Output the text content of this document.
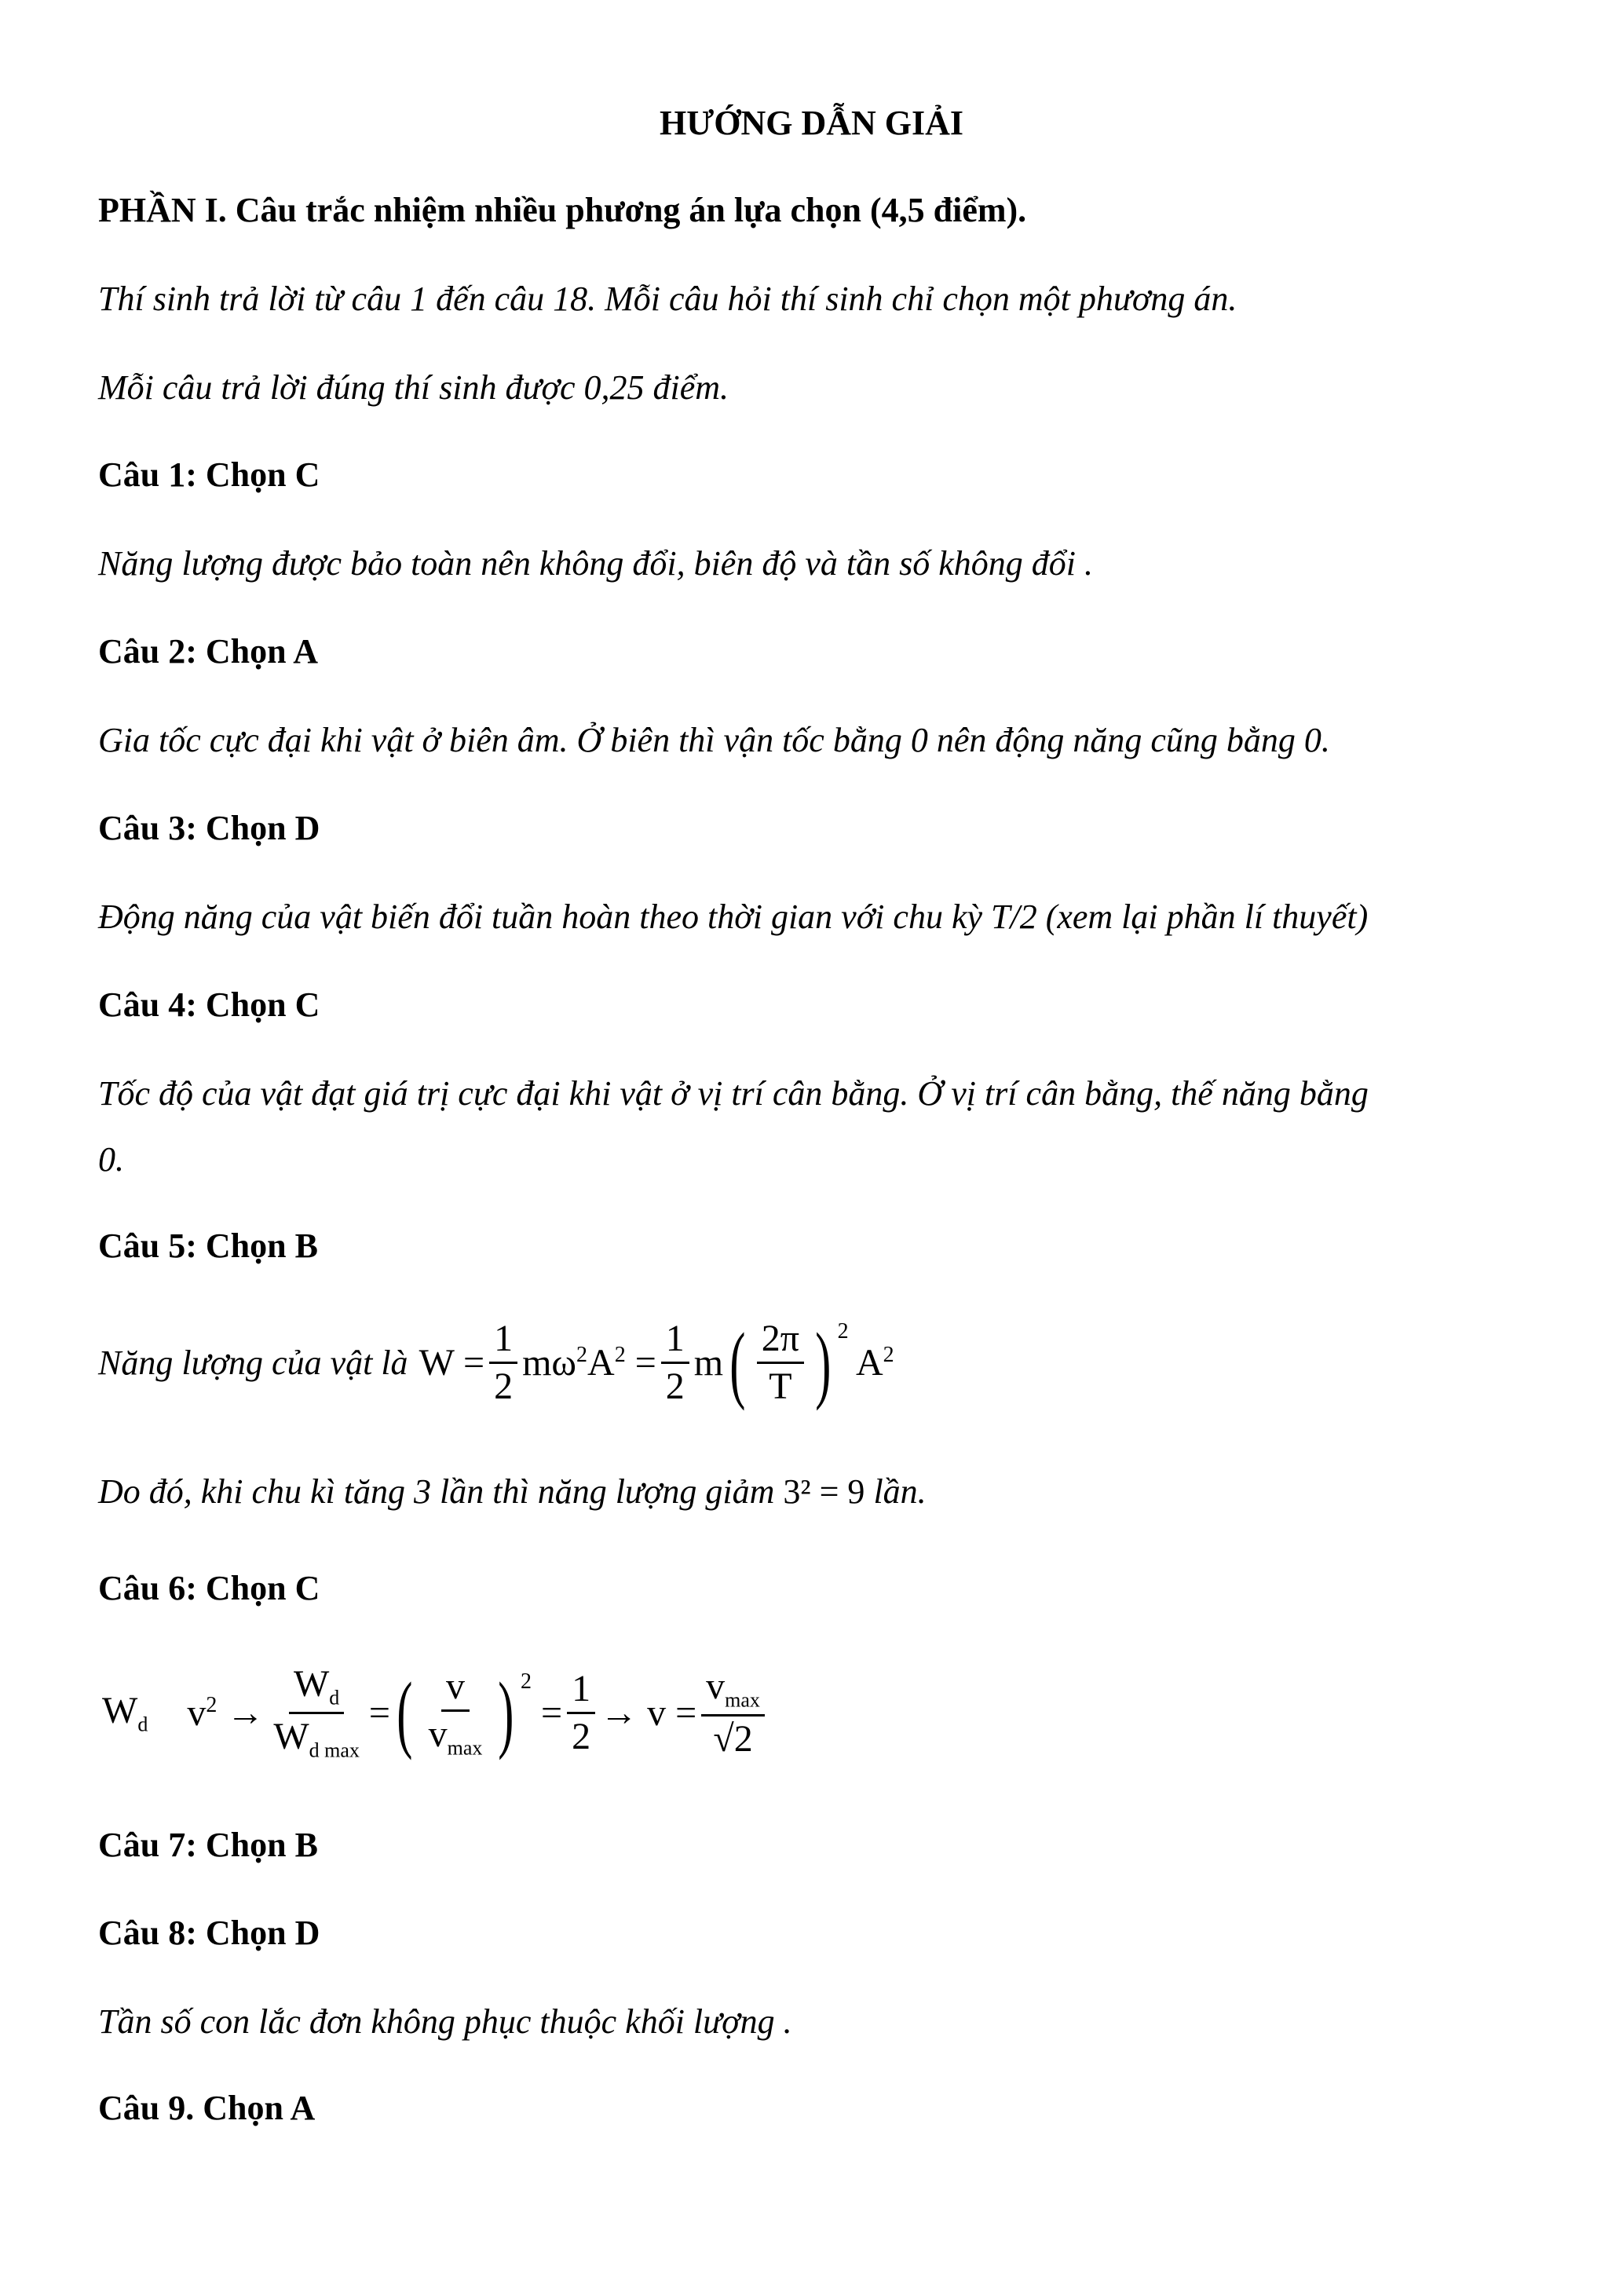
HƯỚNG DẪN GIẢI
PHẦN I. Câu trắc nhiệm nhiều phương án lựa chọn (4,5 điểm).
Thí sinh trả lời từ câu 1 đến câu 18. Mỗi câu hỏi thí sinh chỉ chọn một phương án.
Mỗi câu trả lời đúng thí sinh được 0,25 điểm.
Câu 1: Chọn C
Năng lượng được bảo toàn nên không đổi, biên độ và tần số không đổi .
Câu 2: Chọn A
Gia tốc cực đại khi vật ở biên âm. Ở biên thì vận tốc bằng 0 nên động năng cũng bằng 0.
Câu 3: Chọn D
Động năng của vật biến đổi tuần hoàn theo thời gian với chu kỳ T/2 (xem lại phần lí thuyết)
Câu 4: Chọn C
Tốc độ của vật đạt giá trị cực đại khi vật ở vị trí cân bằng. Ở vị trí cân bằng, thế năng bằng
0.
Câu 5: Chọn B
Năng lượng của vật là $W = \frac{1}{2} m\omega^2A^2 = \frac{1}{2}$ m ( $\frac{2\pi}{T}$ ) $^2$ $A^2$
Do đó, khi chu kì tăng 3 lần thì năng lượng giảm 3² = 9 lần.
Câu 6: Chọn C
$W_d$ $v^2 \to \frac{W_d}{W_{d max}}$ = ( $\frac{v}{v_{max}}$ ) $^2 = \frac{1}{2} \to v = \frac{v_{max}}{√2}$
Câu 7: Chọn B
Câu 8: Chọn D
Tần số con lắc đơn không phục thuộc khối lượng .
Câu 9. Chọn A
